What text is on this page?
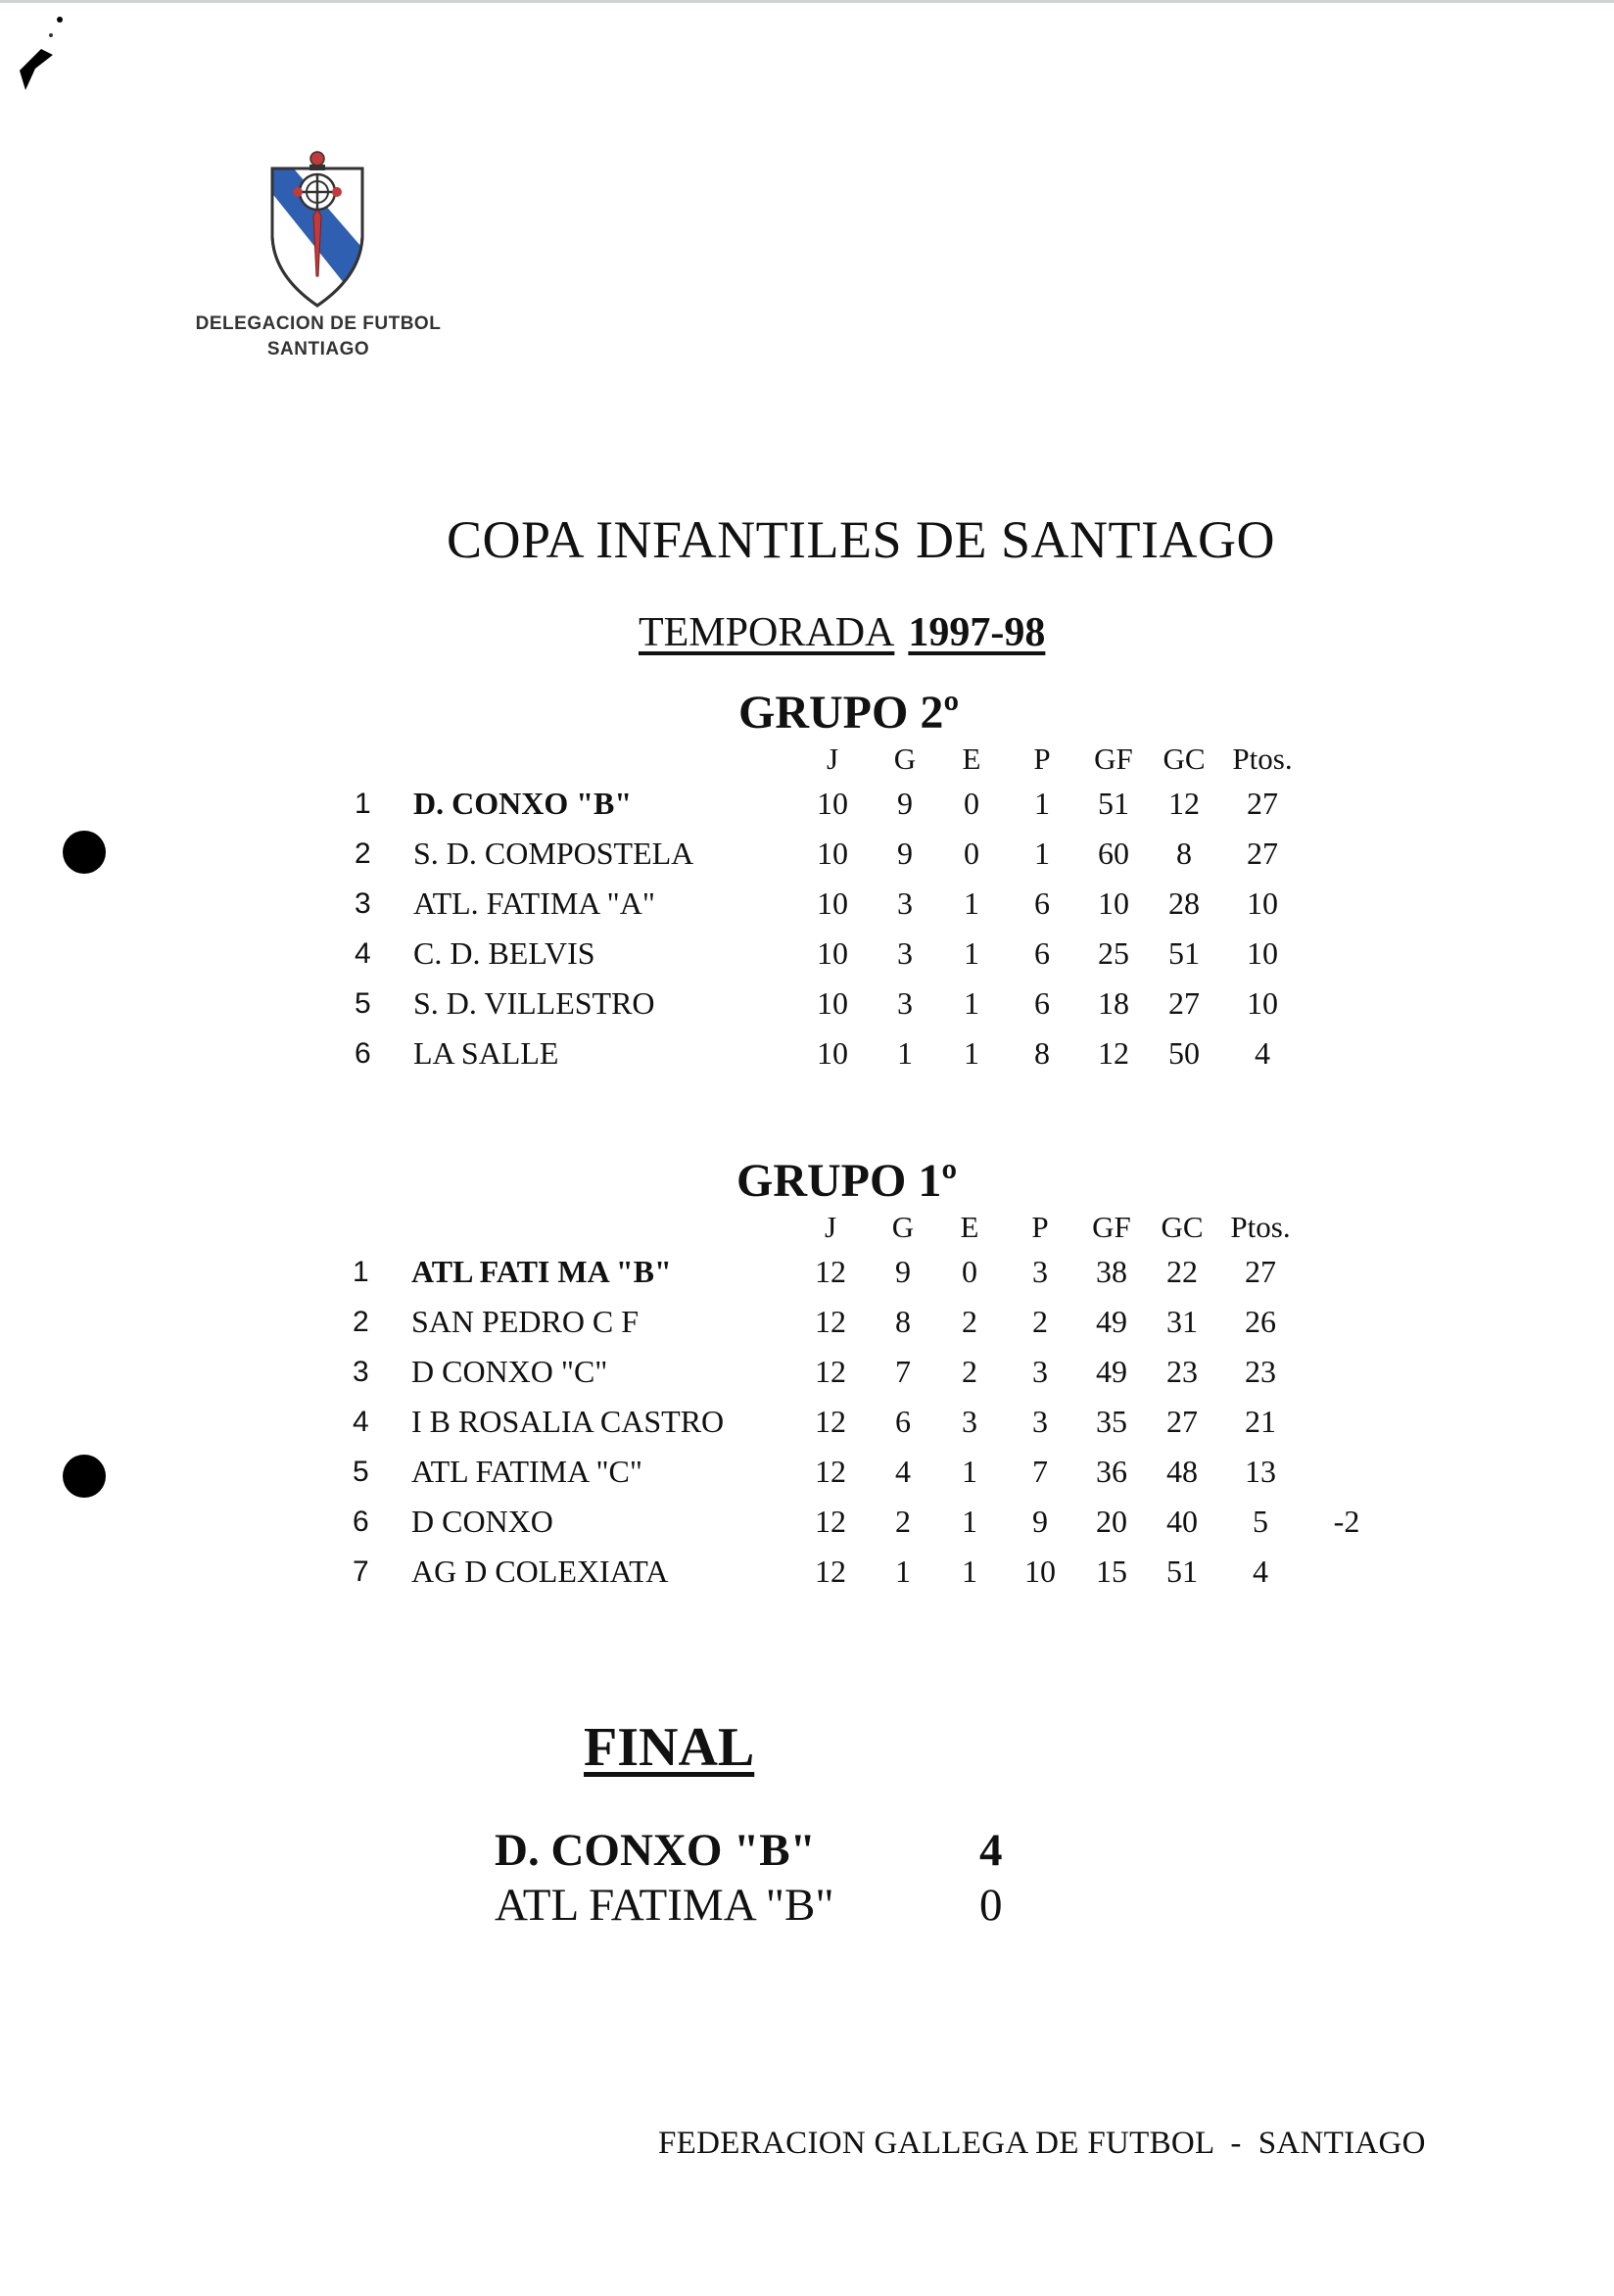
DELEGACION DE FUTBOL
SANTIAGO
COPA INFANTILES DE SANTIAGO
TEMPORADA 1997-98
GRUPO 2º
		J	G	E	P	GF	GC	Ptos.
1	D. CONXO "B"	10	9	0	1	51	12	27
2	S. D. COMPOSTELA	10	9	0	1	60	8	27
3	ATL. FATIMA "A"	10	3	1	6	10	28	10
4	C. D. BELVIS	10	3	1	6	25	51	10
5	S. D. VILLESTRO	10	3	1	6	18	27	10
6	LA SALLE	10	1	1	8	12	50	4
GRUPO 1º
		J	G	E	P	GF	GC	Ptos.	
1	ATL FATI MA "B"	12	9	0	3	38	22	27	
2	SAN PEDRO C F	12	8	2	2	49	31	26	
3	D CONXO "C"	12	7	2	3	49	23	23	
4	I B ROSALIA CASTRO	12	6	3	3	35	27	21	
5	ATL FATIMA "C"	12	4	1	7	36	48	13	
6	D CONXO	12	2	1	9	20	40	5	-2
7	AG D COLEXIATA	12	1	1	10	15	51	4	
FINAL
D. CONXO "B"	4
ATL FATIMA "B"	0
FEDERACION GALLEGA DE FUTBOL  -  SANTIAGO
